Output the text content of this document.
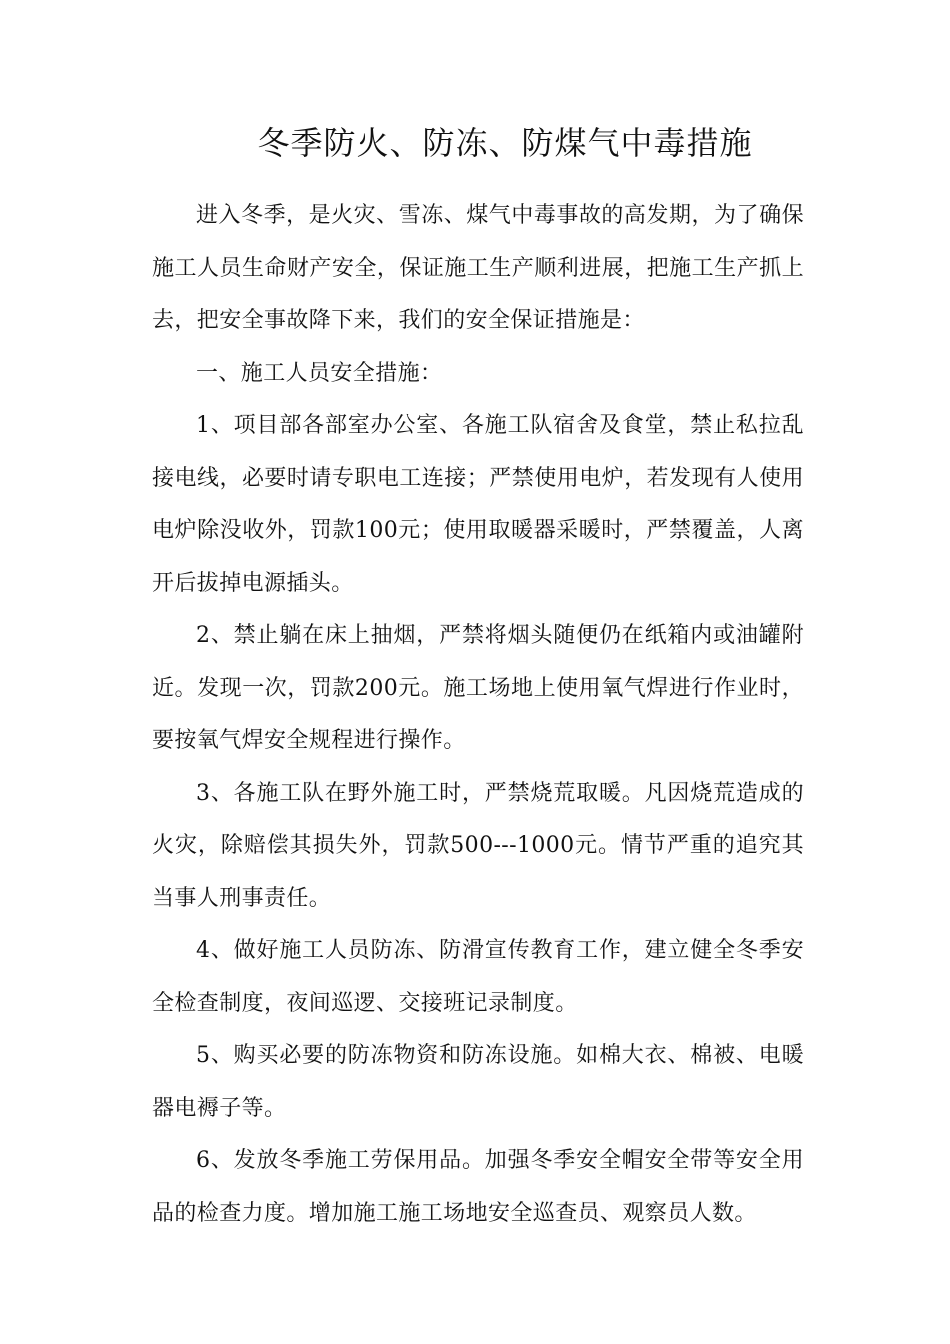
冬季防火、防冻、防煤气中毒措施

进入冬季，是火灾、雪冻、煤气中毒事故的高发期，为了确保施工人员生命财产安全，保证施工生产顺利进展，把施工生产抓上去，把安全事故降下来，我们的安全保证措施是：

一、施工人员安全措施：

1、项目部各部室办公室、各施工队宿舍及食堂，禁止私拉乱接电线，必要时请专职电工连接；严禁使用电炉，若发现有人使用电炉除没收外，罚款100元；使用取暖器采暖时，严禁覆盖，人离开后拔掉电源插头。

2、禁止躺在床上抽烟，严禁将烟头随便仍在纸箱内或油罐附近。发现一次，罚款200元。施工场地上使用氧气焊进行作业时，要按氧气焊安全规程进行操作。

3、各施工队在野外施工时，严禁烧荒取暖。凡因烧荒造成的火灾，除赔偿其损失外，罚款500---1000元。情节严重的追究其当事人刑事责任。

4、做好施工人员防冻、防滑宣传教育工作，建立健全冬季安全检查制度，夜间巡逻、交接班记录制度。

5、购买必要的防冻物资和防冻设施。如棉大衣、棉被、电暖器电褥子等。

6、发放冬季施工劳保用品。加强冬季安全帽安全带等安全用品的检查力度。增加施工施工场地安全巡查员、观察员人数。
